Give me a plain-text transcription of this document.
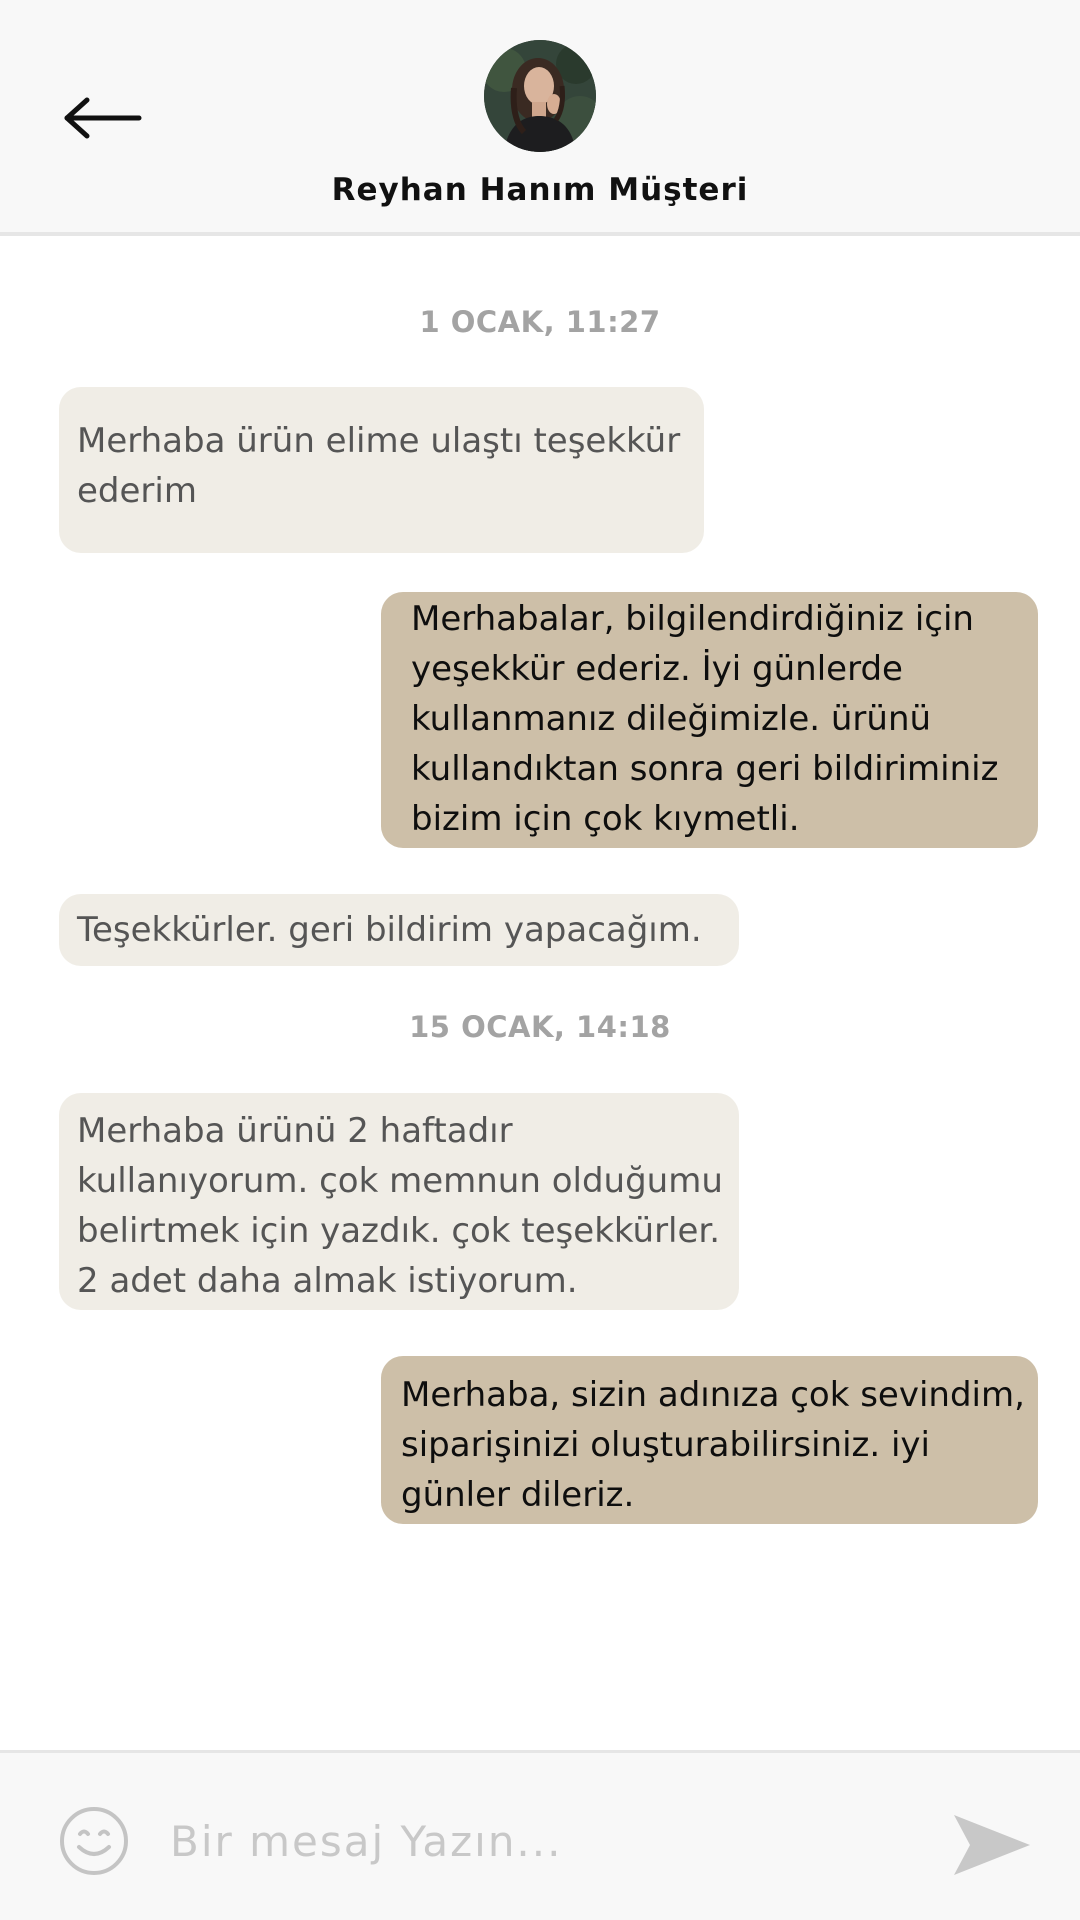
Reyhan Hanım Müşteri
1 OCAK, 11:27
Merhaba ürün elime ulaştı teşekkür ederim
Merhabalar, bilgilendirdiğiniz için yeşekkür ederiz. İyi günlerde kullanmanız dileğimizle. ürünü kullandıktan sonra geri bildiriminiz bizim için çok kıymetli.
Teşekkürler. geri bildirim yapacağım.
15 OCAK, 14:18
Merhaba ürünü 2 haftadır kullanıyorum. çok memnun olduğumu belirtmek için yazdık. çok teşekkürler. 2 adet daha almak istiyorum.
Merhaba, sizin adınıza çok sevindim, siparişinizi oluşturabilirsiniz. iyi günler dileriz.
Bir mesaj Yazın...
